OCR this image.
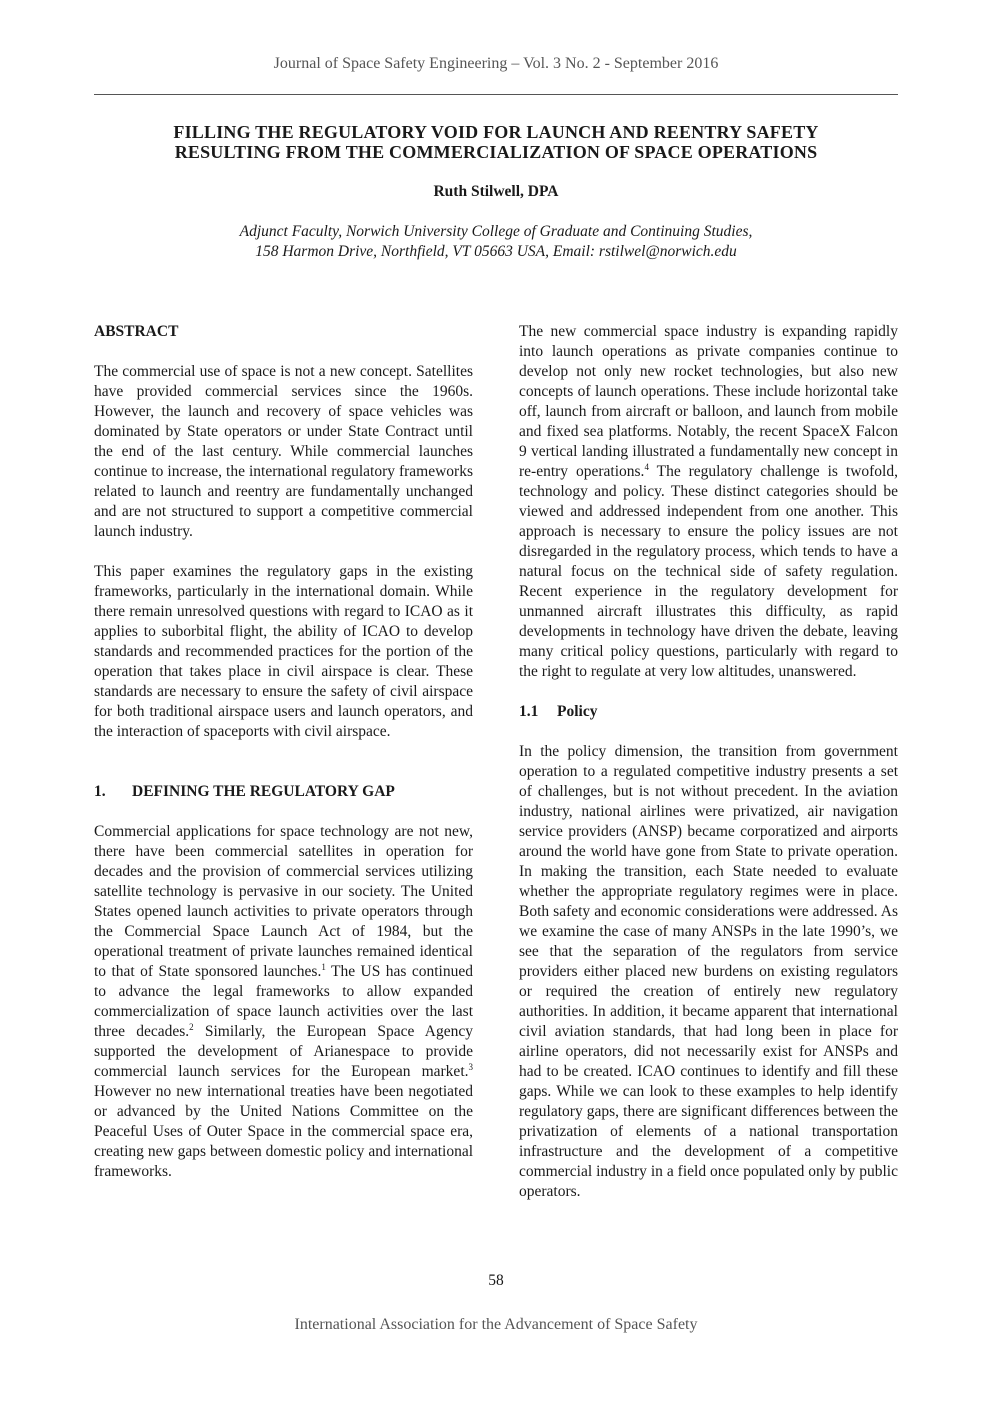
Journal of Space Safety Engineering – Vol. 3 No. 2 - September 2016
FILLING THE REGULATORY VOID FOR LAUNCH AND REENTRY SAFETY
RESULTING FROM THE COMMERCIALIZATION OF SPACE OPERATIONS
Ruth Stilwell, DPA
Adjunct Faculty, Norwich University College of Graduate and Continuing Studies,
158 Harmon Drive, Northfield, VT 05663 USA, Email: rstilwel@norwich.edu
ABSTRACT

The commercial use of space is not a new concept. Satellites have provided commercial services since the 1960s. However, the launch and recovery of space vehicles was dominated by State operators or under State Contract until the end of the last century. While commercial launches continue to increase, the international regulatory frameworks related to launch and reentry are fundamentally unchanged and are not structured to support a competitive commercial launch industry.

This paper examines the regulatory gaps in the existing frameworks, particularly in the international domain. While there remain unresolved questions with regard to ICAO as it applies to suborbital flight, the ability of ICAO to develop standards and recommended practices for the portion of the operation that takes place in civil airspace is clear. These standards are necessary to ensure the safety of civil airspace for both traditional airspace users and launch operators, and the interaction of spaceports with civil airspace.

1. DEFINING THE REGULATORY GAP

Commercial applications for space technology are not new, there have been commercial satellites in operation for decades and the provision of commercial services utilizing satellite technology is pervasive in our society. The United States opened launch activities to private operators through the Commercial Space Launch Act of 1984, but the operational treatment of private launches remained identical to that of State sponsored launches.$^1$ The US has continued to advance the legal frameworks to allow expanded commercialization of space launch activities over the last three decades.$^2$ Similarly, the European Space Agency supported the development of Arianespace to provide commercial launch services for the European market.$^3$ However no new international treaties have been negotiated or advanced by the United Nations Committee on the Peaceful Uses of Outer Space in the commercial space era, creating new gaps between domestic policy and international frameworks.

The new commercial space industry is expanding rapidly into launch operations as private companies continue to develop not only new rocket technologies, but also new concepts of launch operations. These include horizontal take off, launch from aircraft or balloon, and launch from mobile and fixed sea platforms. Notably, the recent SpaceX Falcon 9 vertical landing illustrated a fundamentally new concept in re-entry operations.$^4$ The regulatory challenge is twofold, technology and policy. These distinct categories should be viewed and addressed independent from one another. This approach is necessary to ensure the policy issues are not disregarded in the regulatory process, which tends to have a natural focus on the technical side of safety regulation. Recent experience in the regulatory development for unmanned aircraft illustrates this difficulty, as rapid developments in technology have driven the debate, leaving many critical policy questions, particularly with regard to the right to regulate at very low altitudes, unanswered.

1.1 Policy

In the policy dimension, the transition from government operation to a regulated competitive industry presents a set of challenges, but is not without precedent. In the aviation industry, national airlines were privatized, air navigation service providers (ANSP) became corporatized and airports around the world have gone from State to private operation. In making the transition, each State needed to evaluate whether the appropriate regulatory regimes were in place. Both safety and economic considerations were addressed. As we examine the case of many ANSPs in the late 1990’s, we see that the separation of the regulators from service providers either placed new burdens on existing regulators or required the creation of entirely new regulatory authorities. In addition, it became apparent that international civil aviation standards, that had long been in place for airline operators, did not necessarily exist for ANSPs and had to be created. ICAO continues to identify and fill these gaps. While we can look to these examples to help identify regulatory gaps, there are significant differences between the privatization of elements of a national transportation infrastructure and the development of a competitive commercial industry in a field once populated only by public operators.

58
International Association for the Advancement of Space Safety
